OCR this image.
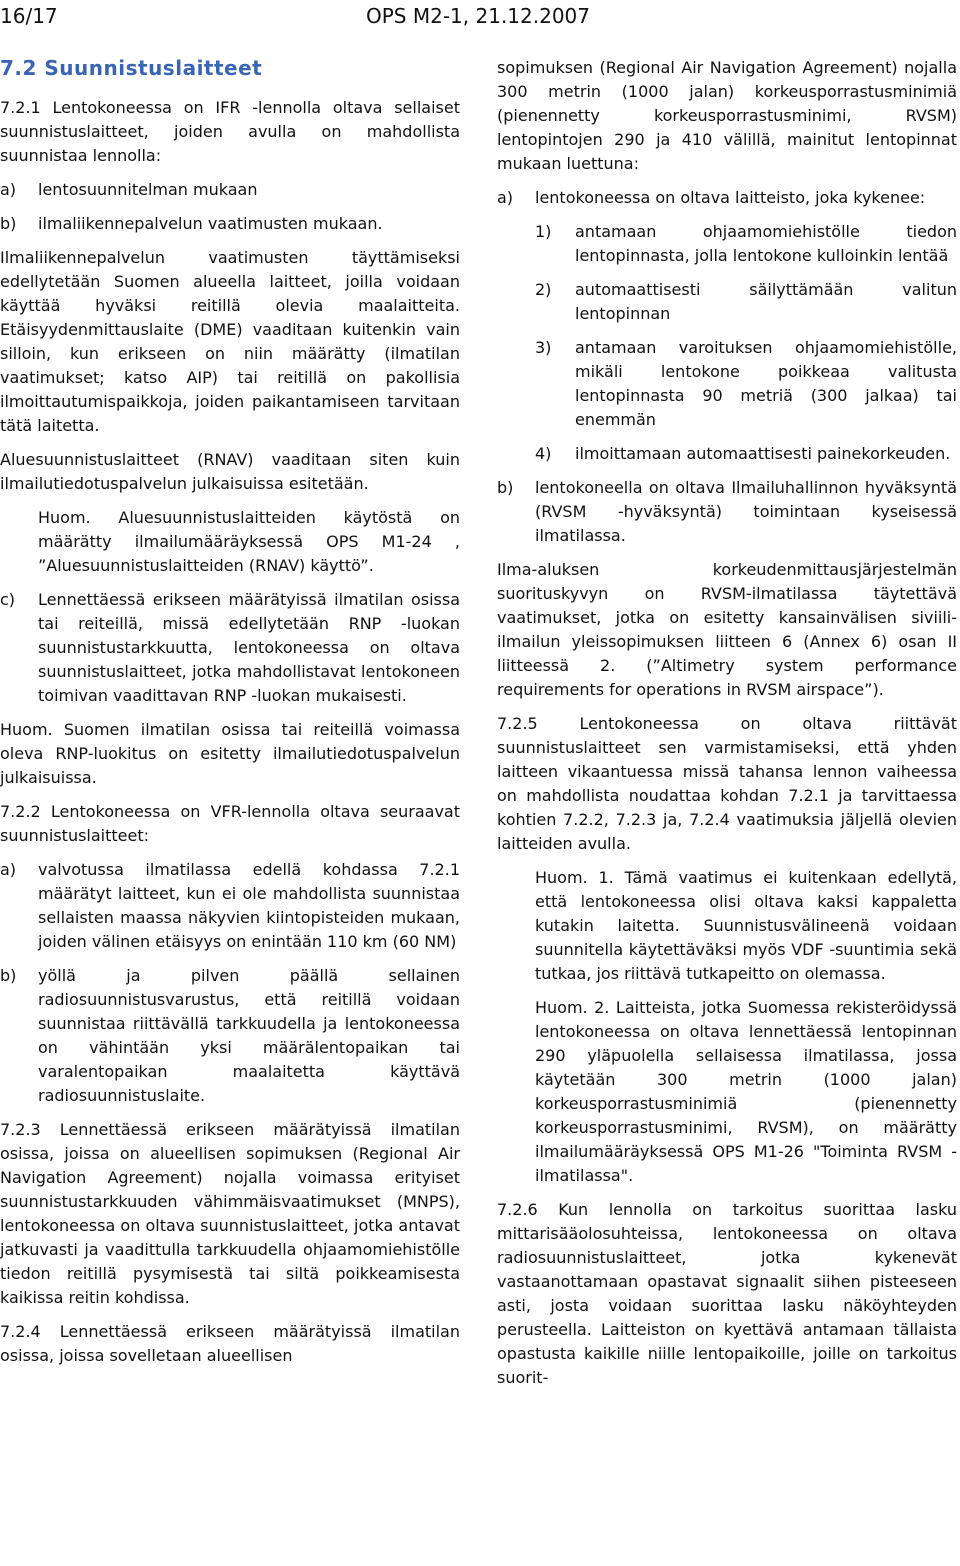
16/17	OPS M2-1, 21.12.2007
7.2 Suunnistuslaitteet

7.2.1 Lentokoneessa on IFR -lennolla oltava sellaiset suunnistuslaitteet, joiden avulla on mahdollista suunnistaa lennolla:

a)	lentosuunnitelman mukaan
b)	ilmaliikennepalvelun vaatimusten mukaan.

Ilmaliikennepalvelun vaatimusten täyttämiseksi edellytetään Suomen alueella laitteet, joilla voidaan käyttää hyväksi reitillä olevia maalaitteita. Etäisyydenmittauslaite (DME) vaaditaan kuitenkin vain silloin, kun erikseen on niin määrätty (ilmatilan vaatimukset; katso AIP) tai reitillä on pakollisia ilmoittautumispaikkoja, joiden paikantamiseen tarvitaan tätä laitetta.

Aluesuunnistuslaitteet (RNAV) vaaditaan siten kuin ilmailutiedotuspalvelun julkaisuissa esitetään.

Huom. Aluesuunnistuslaitteiden käytöstä on määrätty ilmailumääräyksessä OPS M1-24 , ”Aluesuunnistuslaitteiden (RNAV) käyttö”.

c)	Lennettäessä erikseen määrätyissä ilmatilan osissa tai reiteillä, missä edellytetään RNP -luokan suunnistustarkkuutta, lentokoneessa on oltava suunnistuslaitteet, jotka mahdollistavat lentokoneen toimivan vaadittavan RNP -luokan mukaisesti.

Huom. Suomen ilmatilan osissa tai reiteillä voimassa oleva RNP-luokitus on esitetty ilmailutiedotuspalvelun julkaisuissa.

7.2.2 Lentokoneessa on VFR-lennolla oltava seuraavat suunnistuslaitteet:

a)	valvotussa ilmatilassa edellä kohdassa 7.2.1 määrätyt laitteet, kun ei ole mahdollista suunnistaa sellaisten maassa näkyvien kiintopisteiden mukaan, joiden välinen etäisyys on enintään 110 km (60 NM)
b)	yöllä ja pilven päällä sellainen radiosuunnistusvarustus, että reitillä voidaan suunnistaa riittävällä tarkkuudella ja lentokoneessa on vähintään yksi määrälentopaikan tai varalentopaikan maalaitetta käyttävä radiosuunnistuslaite.

7.2.3 Lennettäessä erikseen määrätyissä ilmatilan osissa, joissa on alueellisen sopimuksen (Regional Air Navigation Agreement) nojalla voimassa erityiset suunnistustarkkuuden vähimmäisvaatimukset (MNPS), lentokoneessa on oltava suunnistuslaitteet, jotka antavat jatkuvasti ja vaadittulla tarkkuudella ohjaamomiehistölle tiedon reitillä pysymisestä tai siltä poikkeamisesta kaikissa reitin kohdissa.

7.2.4 Lennettäessä erikseen määrätyissä ilmatilan osissa, joissa sovelletaan alueellisen

sopimuksen (Regional Air Navigation Agreement) nojalla 300 metrin (1000 jalan) korkeusporrastusminimiä (pienennetty korkeusporrastusminimi, RVSM) lentopintojen 290 ja 410 välillä, mainitut lentopinnat mukaan luettuna:

a)	lentokoneessa on oltava laitteisto, joka kykenee:
1)	antamaan ohjaamomiehistölle tiedon lentopinnasta, jolla lentokone kulloinkin lentää
2)	automaattisesti säilyttämään valitun lentopinnan
3)	antamaan varoituksen ohjaamomiehistölle, mikäli lentokone poikkeaa valitusta lentopinnasta 90 metriä (300 jalkaa) tai enemmän
4)	ilmoittamaan automaattisesti painekorkeuden.
b)	lentokoneella on oltava Ilmailuhallinnon hyväksyntä (RVSM -hyväksyntä) toimintaan kyseisessä ilmatilassa.

Ilma-aluksen korkeudenmittausjärjestelmän suorituskyvyn on RVSM-ilmatilassa täytettävä vaatimukset, jotka on esitetty kansainvälisen siviili-ilmailun yleissopimuksen liitteen 6 (Annex 6) osan II liitteessä 2. (”Altimetry system performance requirements for operations in RVSM airspace”).

7.2.5 Lentokoneessa on oltava riittävät suunnistuslaitteet sen varmistamiseksi, että yhden laitteen vikaantuessa missä tahansa lennon vaiheessa on mahdollista noudattaa kohdan 7.2.1 ja tarvittaessa kohtien 7.2.2, 7.2.3 ja, 7.2.4 vaatimuksia jäljellä olevien laitteiden avulla.

Huom. 1. Tämä vaatimus ei kuitenkaan edellytä, että lentokoneessa olisi oltava kaksi kappaletta kutakin laitetta. Suunnistusvälineenä voidaan suunnitella käytettäväksi myös VDF -suuntimia sekä tutkaa, jos riittävä tutkapeitto on olemassa.

Huom. 2. Laitteista, jotka Suomessa rekisteröidyssä lentokoneessa on oltava lennettäessä lentopinnan 290 yläpuolella sellaisessa ilmatilassa, jossa käytetään 300 metrin (1000 jalan) korkeusporrastusminimiä (pienennetty korkeusporrastusminimi, RVSM), on määrätty ilmailumääräyksessä OPS M1-26 "Toiminta RVSM -ilmatilassa".

7.2.6 Kun lennolla on tarkoitus suorittaa lasku mittarisääolosuhteissa, lentokoneessa on oltava radiosuunnistuslaitteet, jotka kykenevät vastaanottamaan opastavat signaalit siihen pisteeseen asti, josta voidaan suorittaa lasku näköyhteyden perusteella. Laitteiston on kyettävä antamaan tällaista opastusta kaikille niille lentopaikoille, joille on tarkoitus suorit-
